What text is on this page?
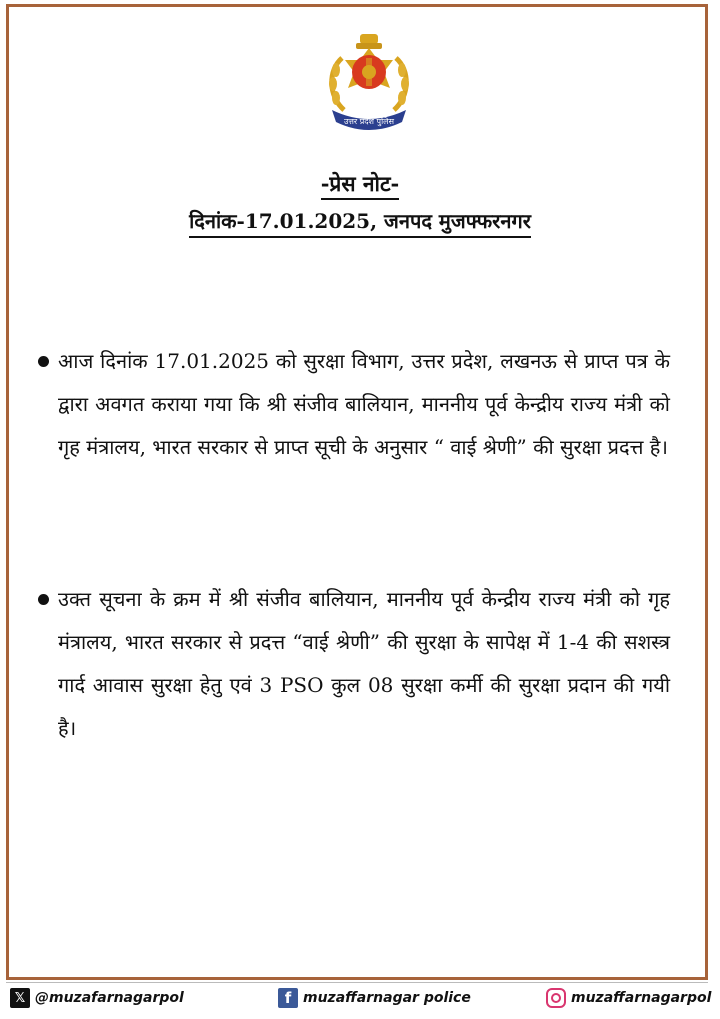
उत्तर प्रदेश पुलिस
-प्रेस नोट-
दिनांक-17.01.2025, जनपद मुजफ्फरनगर
आज दिनांक 17.01.2025 को सुरक्षा विभाग, उत्तर प्रदेश, लखनऊ से प्राप्त पत्र के द्वारा अवगत कराया गया कि श्री संजीव बालियान, माननीय पूर्व केन्द्रीय राज्य मंत्री को गृह मंत्रालय, भारत सरकार से प्राप्त सूची के अनुसार “ वाई श्रेणी” की सुरक्षा प्रदत्त है।
उक्त सूचना के क्रम में श्री संजीव बालियान, माननीय पूर्व केन्द्रीय राज्य मंत्री को गृह मंत्रालय, भारत सरकार से प्रदत्त “वाई श्रेणी” की सुरक्षा के सापेक्ष में 1-4 की सशस्त्र गार्द आवास सुरक्षा हेतु एवं 3 PSO कुल 08 सुरक्षा कर्मी की सुरक्षा प्रदान की गयी है।
𝕏 @muzafarnagarpol	f muzaffarnagar police	muzaffarnagarpol
